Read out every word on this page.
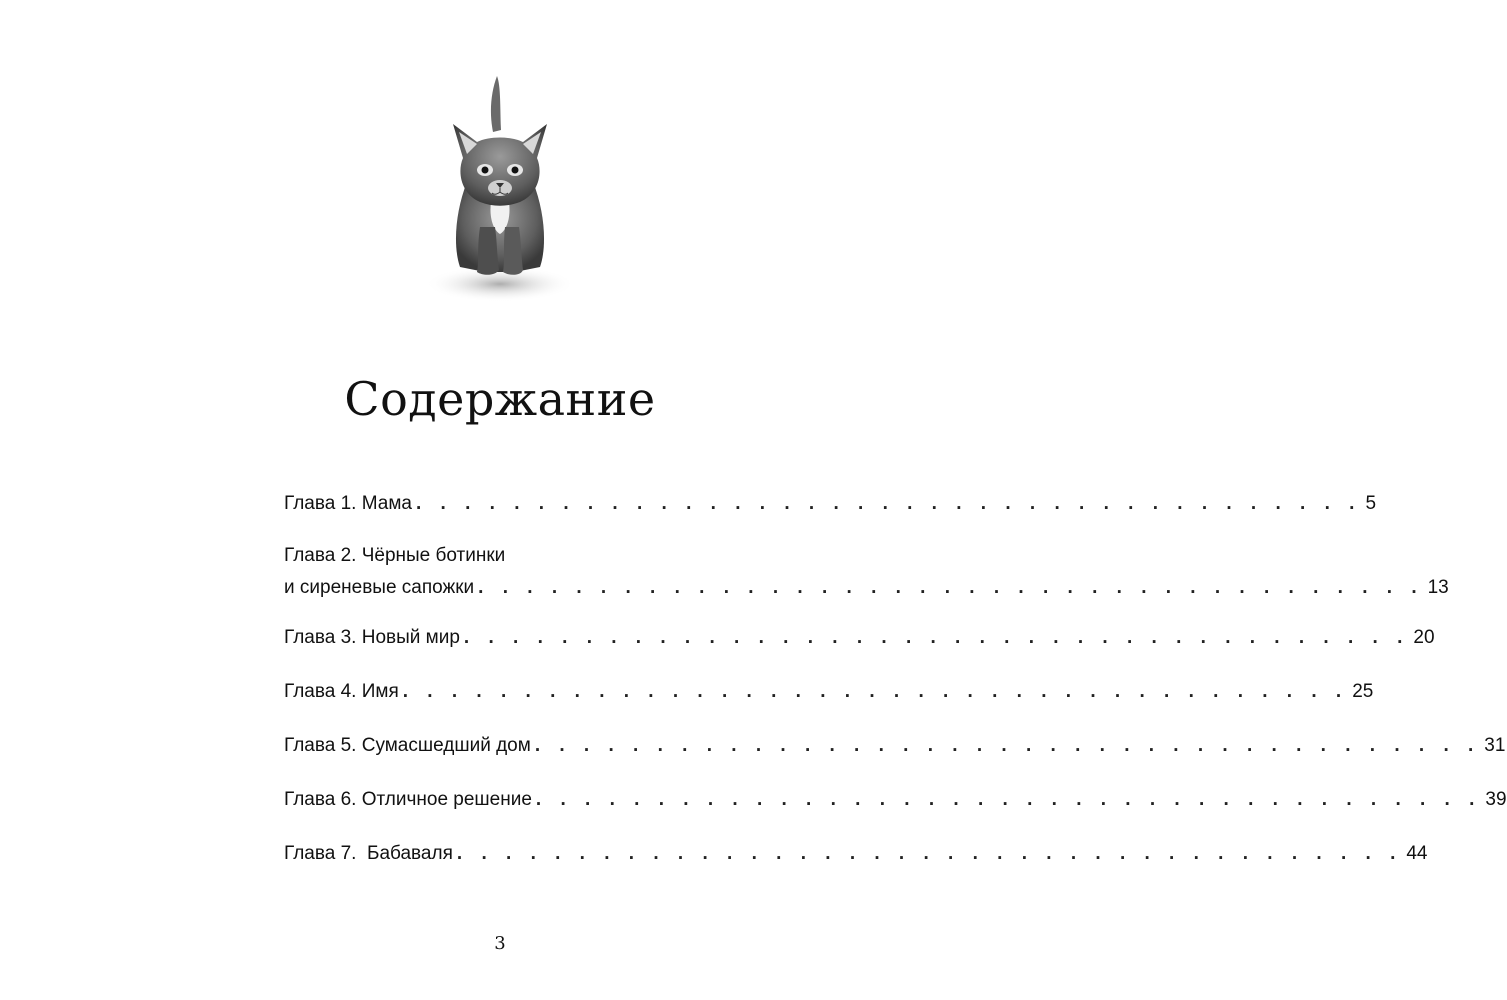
Содержание
Глава 1. Мама . . . . . . . . . . . . . . . . . . . . . . . . . . . . . . . . . . . . . . . 5
Глава 2. Чёрные ботинки
и сиреневые сапожки . . . . . . . . . . . . . . . . . . . . . . . . . . . . . . . . . . . . . . . 13
Глава 3. Новый мир . . . . . . . . . . . . . . . . . . . . . . . . . . . . . . . . . . . . . . . 20
Глава 4. Имя . . . . . . . . . . . . . . . . . . . . . . . . . . . . . . . . . . . . . . . 25
Глава 5. Сумасшедший дом . . . . . . . . . . . . . . . . . . . . . . . . . . . . . . . . . . . . . . . 31
Глава 6. Отличное решение . . . . . . . . . . . . . . . . . . . . . . . . . . . . . . . . . . . . . . . 39
Глава 7.  Бабаваля . . . . . . . . . . . . . . . . . . . . . . . . . . . . . . . . . . . . . . . 44
3
